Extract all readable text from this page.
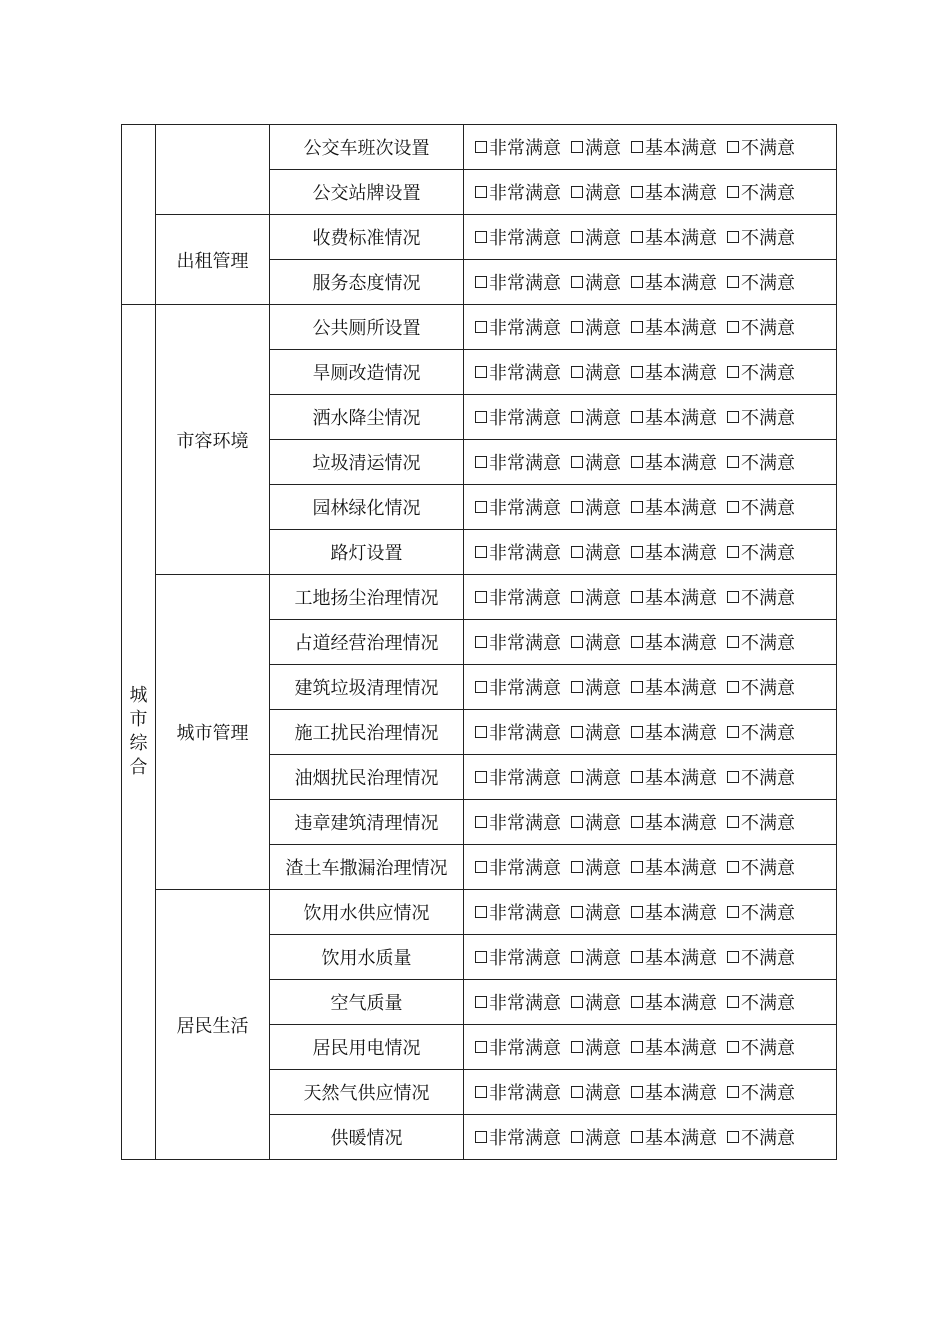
		公交车班次设置	非常满意 满意 基本满意 不满意

		公交站牌设置	非常满意 满意 基本满意 不满意

	出租管理	收费标准情况	非常满意 满意 基本满意 不满意

		服务态度情况	非常满意 满意 基本满意 不满意

城市综合	市容环境	公共厕所设置	非常满意 满意 基本满意 不满意

		旱厕改造情况	非常满意 满意 基本满意 不满意

		洒水降尘情况	非常满意 满意 基本满意 不满意

		垃圾清运情况	非常满意 满意 基本满意 不满意

		园林绿化情况	非常满意 满意 基本满意 不满意

		路灯设置	非常满意 满意 基本满意 不满意

	城市管理	工地扬尘治理情况	非常满意 满意 基本满意 不满意

		占道经营治理情况	非常满意 满意 基本满意 不满意

		建筑垃圾清理情况	非常满意 满意 基本满意 不满意

		施工扰民治理情况	非常满意 满意 基本满意 不满意

		油烟扰民治理情况	非常满意 满意 基本满意 不满意

		违章建筑清理情况	非常满意 满意 基本满意 不满意

		渣土车撒漏治理情况	非常满意 满意 基本满意 不满意

	居民生活	饮用水供应情况	非常满意 满意 基本满意 不满意

		饮用水质量	非常满意 满意 基本满意 不满意

		空气质量	非常满意 满意 基本满意 不满意

		居民用电情况	非常满意 满意 基本满意 不满意

		天然气供应情况	非常满意 满意 基本满意 不满意

		供暖情况	非常满意 满意 基本满意 不满意
